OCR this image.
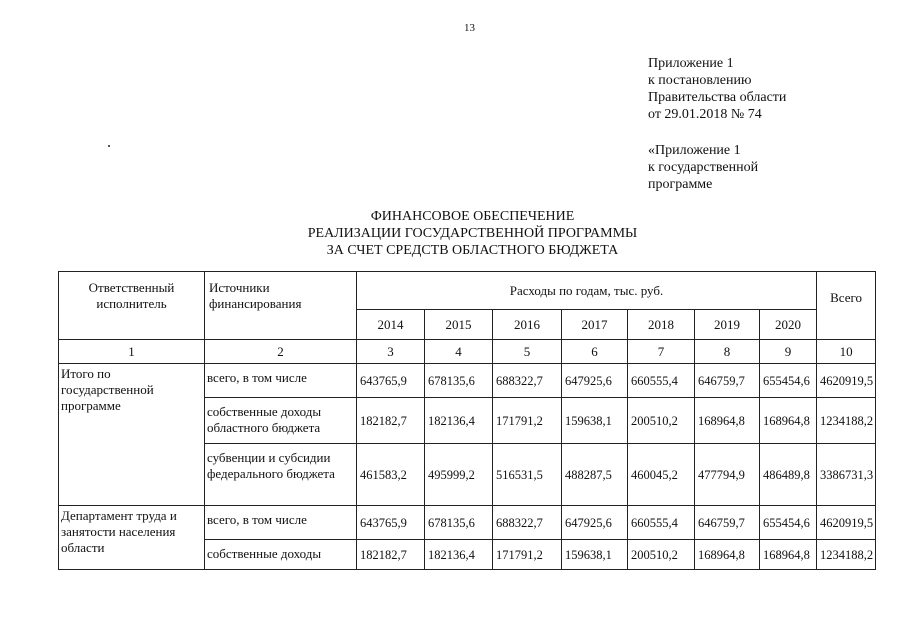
13
Приложение 1
к постановлению
Правительства области
от 29.01.2018 № 74
«Приложение 1
к государственной
программе
ФИНАНСОВОЕ ОБЕСПЕЧЕНИЕ
РЕАЛИЗАЦИИ ГОСУДАРСТВЕННОЙ ПРОГРАММЫ
ЗА СЧЕТ СРЕДСТВ ОБЛАСТНОГО БЮДЖЕТА
Ответственный исполнитель	Источники финансирования	Расходы по годам, тыс. руб.							Всего
		2014	2015	2016	2017	2018	2019	2020	
1	2	3	4	5	6	7	8	9	10
Итого по государственной программе	всего, в том числе	643765,9	678135,6	688322,7	647925,6	660555,4	646759,7	655454,6	4620919,5
	собственные доходы областного бюджета	182182,7	182136,4	171791,2	159638,1	200510,2	168964,8	168964,8	1234188,2
	субвенции и субсидии федерального бюджета	461583,2	495999,2	516531,5	488287,5	460045,2	477794,9	486489,8	3386731,3
Департамент труда и занятости населения области	всего, в том числе	643765,9	678135,6	688322,7	647925,6	660555,4	646759,7	655454,6	4620919,5
	собственные доходы	182182,7	182136,4	171791,2	159638,1	200510,2	168964,8	168964,8	1234188,2
